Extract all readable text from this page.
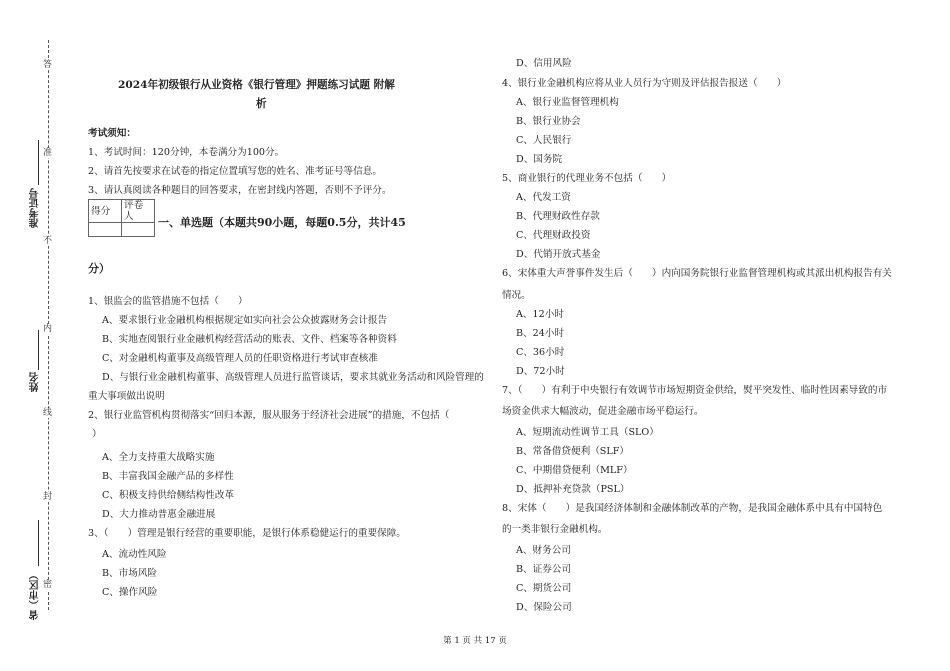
答
准
不
内
线
封
密
准考证号
姓名
省（市区）
2024年初级银行从业资格《银行管理》押题练习试题 附解
析
考试须知：
1、考试时间：120分钟，本卷满分为100分。
2、请首先按要求在试卷的指定位置填写您的姓名、准考证号等信息。
3、请认真阅读各种题目的回答要求，在密封线内答题，否则不予评分。
一、单选题（本题共90小题，每题0.5分，共计45
分）
1、银监会的监管措施不包括（　　）
A、要求银行业金融机构根据规定如实向社会公众披露财务会计报告
B、实地查阅银行业金融机构经营活动的账表、文件、档案等各种资料
C、对金融机构董事及高级管理人员的任职资格进行考试审查核准
D、与银行业金融机构董事、高级管理人员进行监管谈话，要求其就业务活动和风险管理的
重大事项做出说明
2、银行业监管机构贯彻落实“回归本源，服从服务于经济社会进展”的措施，不包括（
）
A、全力支持重大战略实施
B、丰富我国金融产品的多样性
C、积极支持供给侧结构性改革
D、大力推动普惠金融进展
3、（　　）管理是银行经营的重要职能，是银行体系稳健运行的重要保障。
A、流动性风险
B、市场风险
C、操作风险
得分	评卷人

D、信用风险
4、银行业金融机构应将从业人员行为守则及评估报告报送（　　）
A、银行业监督管理机构
B、银行业协会
C、人民银行
D、国务院
5、商业银行的代理业务不包括（　　）
A、代发工资
B、代理财政性存款
C、代理财政投资
D、代销开放式基金
6、宋体重大声誉事件发生后（　　）内向国务院银行业监督管理机构或其派出机构报告有关
情况。
A、12小时
B、24小时
C、36小时
D、72小时
7、（　　）有利于中央银行有效调节市场短期资金供给，熨平突发性、临时性因素导致的市
场资金供求大幅波动，促进金融市场平稳运行。
A、短期流动性调节工具（SLO）
B、常备借贷便利（SLF）
C、中期借贷便利（MLF）
D、抵押补充贷款（PSL）
8、宋体（　　）是我国经济体制和金融体制改革的产物，是我国金融体系中具有中国特色
的一类非银行金融机构。
A、财务公司
B、证券公司
C、期货公司
D、保险公司
第 1 页 共 17 页
